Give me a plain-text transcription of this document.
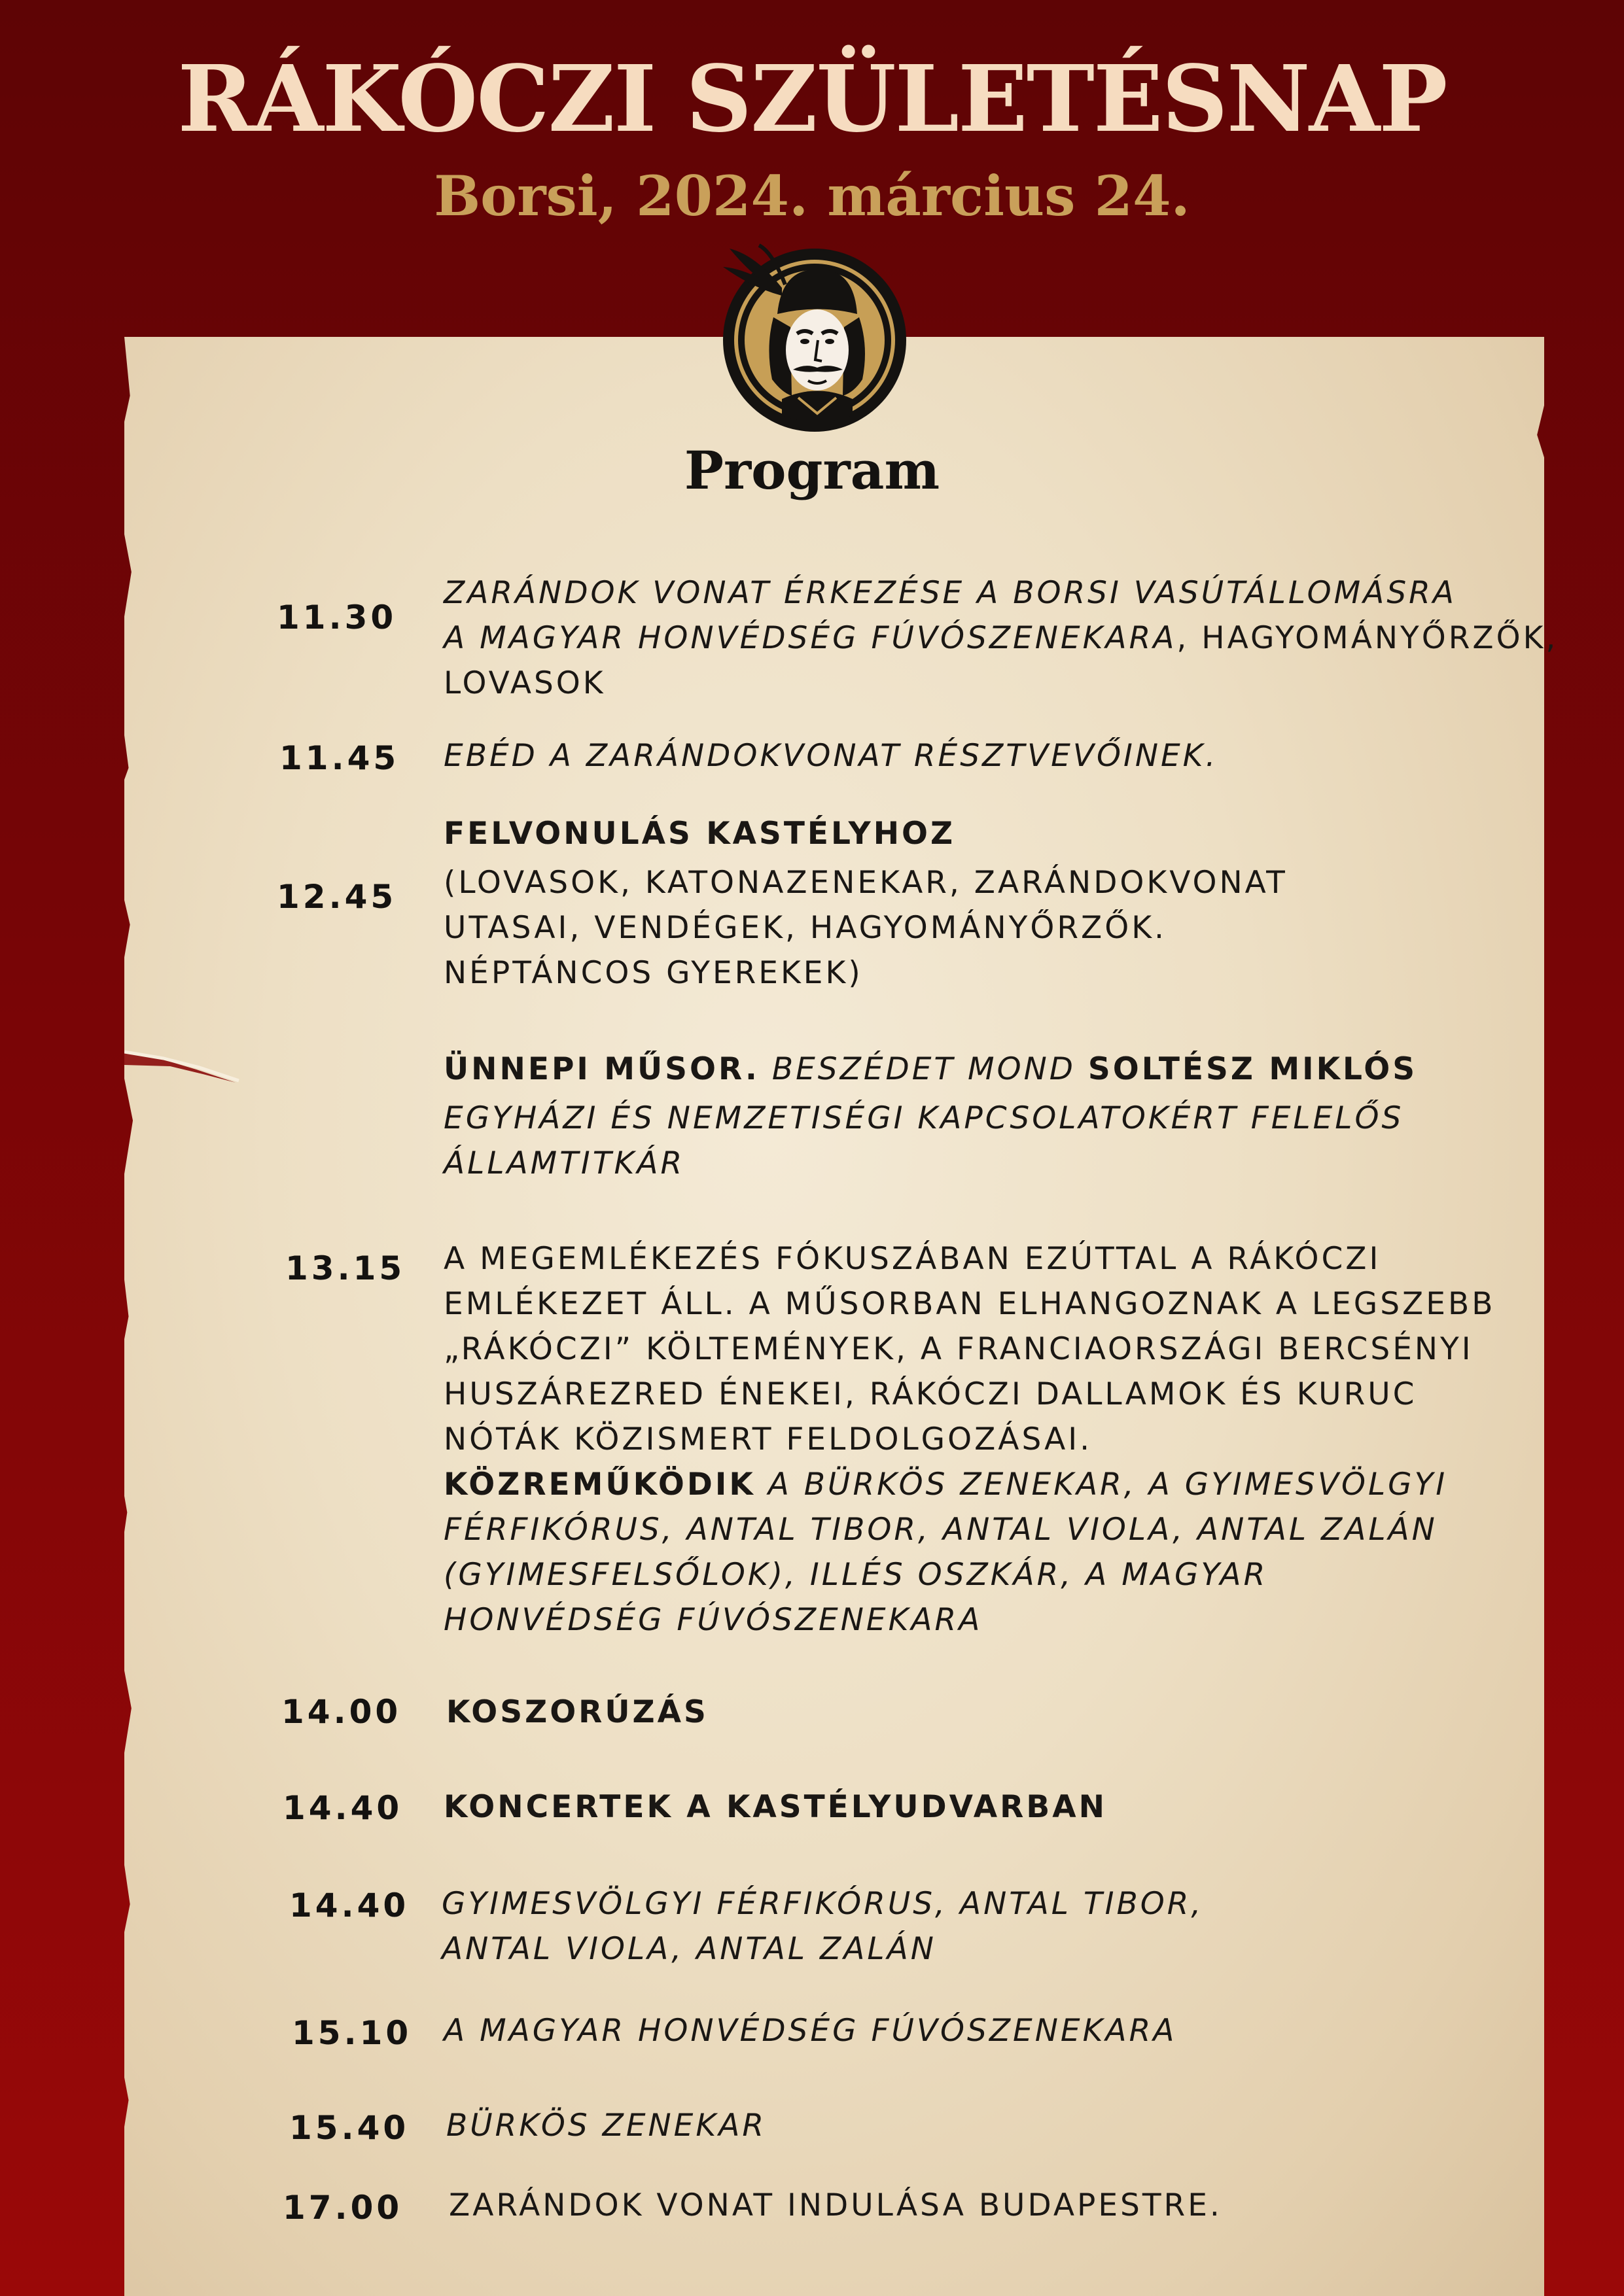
RÁKÓCZI SZÜLETÉSNAP
Borsi, 2024. március 24.
Program
11.30
ZARÁNDOK VONAT ÉRKEZÉSE A BORSI VASÚTÁLLOMÁSRA
A MAGYAR HONVÉDSÉG FÚVÓSZENEKARA, HAGYOMÁNYŐRZŐK,
LOVASOK
11.45 EBÉD A ZARÁNDOKVONAT RÉSZTVEVŐINEK.
12.45
FELVONULÁS KASTÉLYHOZ
(LOVASOK, KATONAZENEKAR, ZARÁNDOKVONAT
UTASAI, VENDÉGEK, HAGYOMÁNYŐRZŐK.
NÉPTÁNCOS GYEREKEK)
ÜNNEPI MŰSOR. BESZÉDET MOND SOLTÉSZ MIKLÓS
EGYHÁZI ÉS NEMZETISÉGI KAPCSOLATOKÉRT FELELŐS
ÁLLAMTITKÁR
13.15 A MEGEMLÉKEZÉS FÓKUSZÁBAN EZÚTTAL A RÁKÓCZI
EMLÉKEZET ÁLL. A MŰSORBAN ELHANGOZNAK A LEGSZEBB
„RÁKÓCZI” KÖLTEMÉNYEK, A FRANCIAORSZÁGI BERCSÉNYI
HUSZÁREZRED ÉNEKEI, RÁKÓCZI DALLAMOK ÉS KURUC
NÓTÁK KÖZISMERT FELDOLGOZÁSAI.
KÖZREMŰKÖDIK A BÜRKÖS ZENEKAR, A GYIMESVÖLGYI
FÉRFIKÓRUS, ANTAL TIBOR, ANTAL VIOLA, ANTAL ZALÁN
(GYIMESFELSŐLOK), ILLÉS OSZKÁR, A MAGYAR
HONVÉDSÉG FÚVÓSZENEKARA
14.00 KOSZORÚZÁS
14.40 KONCERTEK A KASTÉLYUDVARBAN
14.40 GYIMESVÖLGYI FÉRFIKÓRUS, ANTAL TIBOR,
ANTAL VIOLA, ANTAL ZALÁN
15.10 A MAGYAR HONVÉDSÉG FÚVÓSZENEKARA
15.40 BÜRKÖS ZENEKAR
17.00 ZARÁNDOK VONAT INDULÁSA BUDAPESTRE.
